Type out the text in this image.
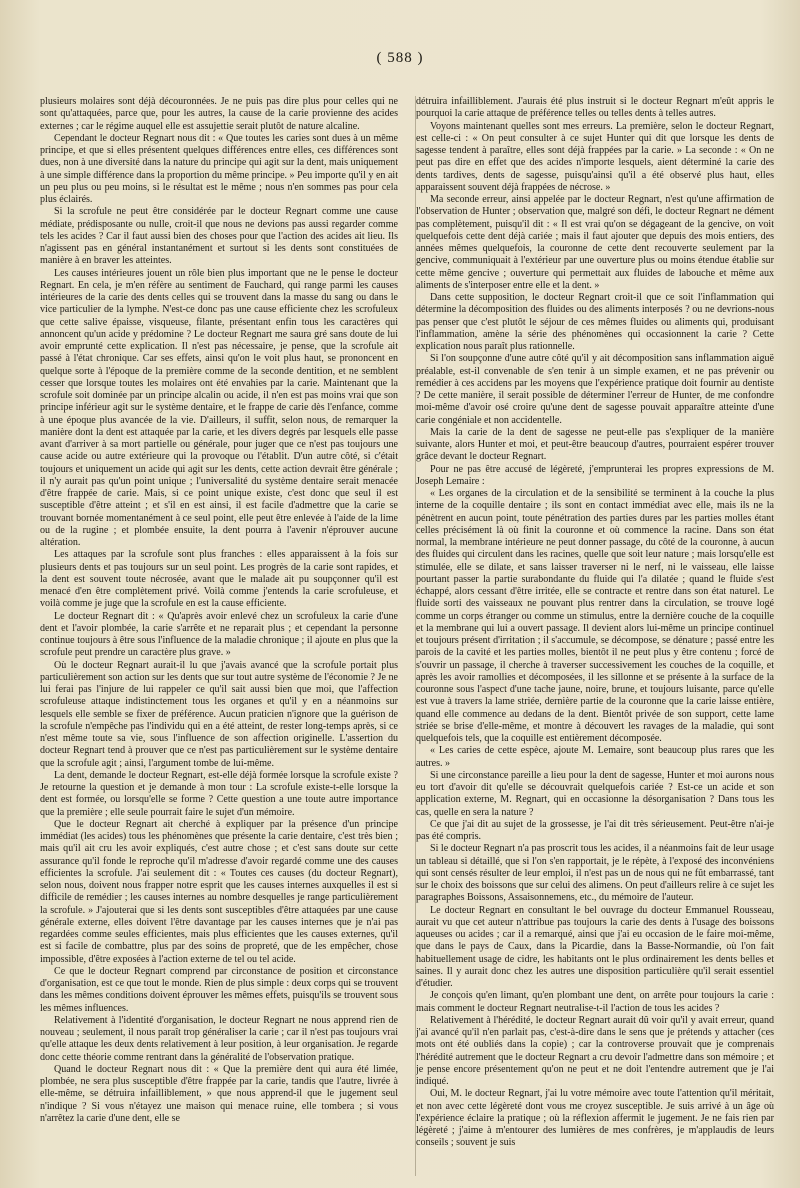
( 588 )

plusieurs molaires sont déjà découronnées. Je ne puis pas dire plus pour celles qui ne sont qu'attaquées, parce que, pour les autres, la cause de la carie provienne des acides externes ; car le régime auquel elle est assujettie serait plutôt de nature alcaline.

Cependant le docteur Regnart nous dit : « Que toutes les caries sont dues à un même principe, et que si elles présentent quelques différences entre elles, ces différences sont dues, non à une diversité dans la nature du principe qui agit sur la dent, mais uniquement à une simple différence dans la proportion du même principe. » Peu importe qu'il y en ait un peu plus ou peu moins, si le résultat est le même ; nous n'en sommes pas pour cela plus éclairés.

Si la scrofule ne peut être considérée par le docteur Regnart comme une cause médiate, prédisposante ou nulle, croit-il que nous ne devions pas aussi regarder comme tels les acides ? Car il faut aussi bien des choses pour que l'action des acides ait lieu. Ils n'agissent pas en général instantanément et surtout si les dents sont constituées de manière à en braver les atteintes.

Les causes intérieures jouent un rôle bien plus important que ne le pense le docteur Regnart. En cela, je m'en réfère au sentiment de Fauchard, qui range parmi les causes intérieures de la carie des dents celles qui se trouvent dans la masse du sang ou dans le vice particulier de la lymphe. N'est-ce donc pas une cause efficiente chez les scrofuleux que cette salive épaisse, visqueuse, filante, présentant enfin tous les caractères qui annoncent qu'un acide y prédomine ? Le docteur Regnart me saura gré sans doute de lui avoir emprunté cette explication. Il n'est pas nécessaire, je pense, que la scrofule ait passé à l'état chronique. Car ses effets, ainsi qu'on le voit plus haut, se prononcent en quelque sorte à l'époque de la première comme de la seconde dentition, et ne semblent cesser que lorsque toutes les molaires ont été envahies par la carie. Maintenant que la scrofule soit dominée par un principe alcalin ou acide, il n'en est pas moins vrai que son principe inférieur agit sur le système dentaire, et le frappe de carie dès l'enfance, comme à une époque plus avancée de la vie. D'ailleurs, il suffit, selon nous, de remarquer la manière dont la dent est attaquée par la carie, et les divers degrés par lesquels elle passe avant d'arriver à sa mort partielle ou générale, pour juger que ce n'est pas toujours une cause acide ou autre extérieure qui la provoque ou l'établit. D'un autre côté, si c'était toujours et uniquement un acide qui agit sur les dents, cette action devrait être générale ; il n'y aurait pas qu'un point unique ; l'universalité du système dentaire serait menacée d'être frappée de carie. Mais, si ce point unique existe, c'est donc que seul il est susceptible d'être atteint ; et s'il en est ainsi, il est facile d'admettre que la carie se trouvant bornée momentanément à ce seul point, elle peut être enlevée à l'aide de la lime ou de la rugine ; et plombée ensuite, la dent pourra à l'avenir n'éprouver aucune altération.

Les attaques par la scrofule sont plus franches : elles apparaissent à la fois sur plusieurs dents et pas toujours sur un seul point. Les progrès de la carie sont rapides, et la dent est souvent toute nécrosée, avant que le malade ait pu soupçonner qu'il est menacé d'en être complètement privé. Voilà comme j'entends la carie scrofuleuse, et voilà comme je juge que la scrofule en est la cause efficiente.

Le docteur Regnart dit : « Qu'après avoir enlevé chez un scrofuleux la carie d'une dent et l'avoir plombée, la carie s'arrête et ne reparait plus ; et cependant la personne continue toujours à être sous l'influence de la maladie chronique ; il ajoute en plus que la scrofule peut prendre un caractère plus grave. »

Où le docteur Regnart aurait-il lu que j'avais avancé que la scrofule portait plus particulièrement son action sur les dents que sur tout autre système de l'économie ? Je ne lui ferai pas l'injure de lui rappeler ce qu'il sait aussi bien que moi, que l'affection scrofuleuse attaque indistinctement tous les organes et qu'il y en a néanmoins sur lesquels elle semble se fixer de préférence. Aucun praticien n'ignore que la guérison de la scrofule n'empêche pas l'individu qui en a été atteint, de rester long-temps après, si ce n'est même toute sa vie, sous l'influence de son affection originelle. L'assertion du docteur Regnart tend à prouver que ce n'est pas particulièrement sur le système dentaire que la scrofule agit ; ainsi, l'argument tombe de lui-même.

La dent, demande le docteur Regnart, est-elle déjà formée lorsque la scrofule existe ? Je retourne la question et je demande à mon tour : La scrofule existe-t-elle lorsque la dent est formée, ou lorsqu'elle se forme ? Cette question a une toute autre importance que la première ; elle seule pourrait faire le sujet d'un mémoire.

Que le docteur Regnart ait cherché à expliquer par la présence d'un principe immédiat (les acides) tous les phénomènes que présente la carie dentaire, c'est très bien ; mais qu'il ait cru les avoir expliqués, c'est autre chose ; et c'est sans doute sur cette assurance qu'il fonde le reproche qu'il m'adresse d'avoir regardé comme une des causes efficientes la scrofule. J'ai seulement dit : « Toutes ces causes (du docteur Regnart), selon nous, doivent nous frapper notre esprit que les causes internes auxquelles il est si difficile de remédier ; les causes internes au nombre desquelles je range particulièrement la scrofule. » J'ajouterai que si les dents sont susceptibles d'être attaquées par une cause générale externe, elles doivent l'être davantage par les causes internes que je n'ai pas regardées comme seules efficientes, mais plus efficientes que les causes externes, qu'il est si facile de combattre, plus par des soins de propreté, que de les empêcher, chose impossible, d'être exposées à l'action externe de tel ou tel acide.

Ce que le docteur Regnart comprend par circonstance de position et circonstance d'organisation, est ce que tout le monde. Rien de plus simple : deux corps qui se trouvent dans les mêmes conditions doivent éprouver les mêmes effets, puisqu'ils se trouvent sous les mêmes influences.

Relativement à l'identité d'organisation, le docteur Regnart ne nous apprend rien de nouveau ; seulement, il nous paraît trop généraliser la carie ; car il n'est pas toujours vrai qu'elle attaque les deux dents relativement à leur position, à leur organisation. Je regarde donc cette théorie comme rentrant dans la généralité de l'observation pratique.

Quand le docteur Regnart nous dit : « Que la première dent qui aura été limée, plombée, ne sera plus susceptible d'être frappée par la carie, tandis que l'autre, livrée à elle-même, se détruira infailliblement, » que nous apprend-il que le jugement seul n'indique ? Si vous n'étayez une maison qui menace ruine, elle tombera ; si vous n'arrêtez la carie d'une dent, elle se

détruira infailliblement. J'aurais été plus instruit si le docteur Regnart m'eût appris le pourquoi la carie attaque de préférence telles ou telles dents à telles autres.

Voyons maintenant quelles sont mes erreurs. La première, selon le docteur Regnart, est celle-ci : « On peut consulter à ce sujet Hunter qui dit que lorsque les dents de sagesse tendent à paraître, elles sont déjà frappées par la carie. » La seconde : « On ne peut pas dire en effet que des acides n'importe lesquels, aient déterminé la carie des dents tardives, dents de sagesse, puisqu'ainsi qu'il a été observé plus haut, elles apparaissent souvent déjà frappées de nécrose. »

Ma seconde erreur, ainsi appelée par le docteur Regnart, n'est qu'une affirmation de l'observation de Hunter ; observation que, malgré son défi, le docteur Regnart ne dément pas complètement, puisqu'il dit : « Il est vrai qu'on se dégageant de la gencive, on voit quelquefois cette dent déjà cariée ; mais il faut ajouter que depuis des mois entiers, des années mêmes quelquefois, la couronne de cette dent recouverte seulement par la gencive, communiquait à l'extérieur par une ouverture plus ou moins étendue établie sur cette même gencive ; ouverture qui permettait aux fluides de labouche et même aux aliments de s'interposer entre elle et la dent. »

Dans cette supposition, le docteur Regnart croit-il que ce soit l'inflammation qui détermine la décomposition des fluides ou des aliments interposés ? ou ne devrions-nous pas penser que c'est plutôt le séjour de ces mêmes fluides ou aliments qui, produisant l'inflammation, amène la série des phénomènes qui occasionnent la carie ? Cette explication nous paraît plus rationnelle.

Si l'on soupçonne d'une autre côté qu'il y ait décomposition sans inflammation aiguë préalable, est-il convenable de s'en tenir à un simple examen, et ne pas prévenir ou remédier à ces accidens par les moyens que l'expérience pratique doit fournir au dentiste ? De cette manière, il serait possible de déterminer l'erreur de Hunter, de me confondre moi-même d'avoir osé croire qu'une dent de sagesse pouvait apparaître atteinte d'une carie congéniale et non accidentelle.

Mais la carie de la dent de sagesse ne peut-elle pas s'expliquer de la manière suivante, alors Hunter et moi, et peut-être beaucoup d'autres, pourraient espérer trouver grâce devant le docteur Regnart.

Pour ne pas être accusé de légèreté, j'emprunterai les propres expressions de M. Joseph Lemaire :

« Les organes de la circulation et de la sensibilité se terminent à la couche la plus interne de la coquille dentaire ; ils sont en contact immédiat avec elle, mais ils ne la pénètrent en aucun point, toute pénétration des parties dures par les parties molles étant celles précisément là où finit la couronne et où commence la racine. Dans son état normal, la membrane intérieure ne peut donner passage, du côté de la couronne, à aucun des fluides qui circulent dans les racines, quelle que soit leur nature ; mais lorsqu'elle est stimulée, elle se dilate, et sans laisser traverser ni le nerf, ni le vaisseau, elle laisse pourtant passer la partie surabondante du fluide qui l'a dilatée ; quand le fluide s'est échappé, alors cessant d'être irritée, elle se contracte et rentre dans son état naturel. Le fluide sorti des vaisseaux ne pouvant plus rentrer dans la circulation, se trouve logé comme un corps étranger ou comme un stimulus, entre la dernière couche de la coquille et la membrane qui lui a ouvert passage. Il devient alors lui-même un principe continuel et toujours présent d'irritation ; il s'accumule, se décompose, se dénature ; passé entre les parois de la cavité et les parties molles, bientôt il ne peut plus y être contenu ; forcé de s'ouvrir un passage, il cherche à traverser successivement les couches de la coquille, et après les avoir ramollies et décomposées, il les sillonne et se présente à la surface de la couronne sous l'aspect d'une tache jaune, noire, brune, et toujours luisante, parce qu'elle est vue à travers la lame striée, dernière partie de la couronne que la carie laisse entière, quand elle commence au dedans de la dent. Bientôt privée de son support, cette lame striée se brise d'elle-même, et montre à découvert les ravages de la maladie, qui sont quelquefois tels, que la coquille est entièrement décomposée.

« Les caries de cette espèce, ajoute M. Lemaire, sont beaucoup plus rares que les autres. »

Si une circonstance pareille a lieu pour la dent de sagesse, Hunter et moi aurons nous eu tort d'avoir dit qu'elle se découvrait quelquefois cariée ? Est-ce un acide et son application externe, M. Regnart, qui en occasionne la désorganisation ? Dans tous les cas, quelle en sera la nature ?

Ce que j'ai dit au sujet de la grossesse, je l'ai dit très sérieusement. Peut-être n'ai-je pas été compris.

Si le docteur Regnart n'a pas proscrit tous les acides, il a néanmoins fait de leur usage un tableau si détaillé, que si l'on s'en rapportait, je le répète, à l'exposé des inconvéniens qui sont censés résulter de leur emploi, il n'est pas un de nous qui ne fût embarrassé, tant sur le choix des boissons que sur celui des alimens. On peut d'ailleurs relire à ce sujet les paragraphes Boissons, Assaisonnemens, etc., du mémoire de l'auteur.

Le docteur Regnart en consultant le bel ouvrage du docteur Emmanuel Rousseau, aurait vu que cet auteur n'attribue pas toujours la carie des dents à l'usage des boissons aqueuses ou acides ; car il a remarqué, ainsi que j'ai eu occasion de le faire moi-même, que dans le pays de Caux, dans la Picardie, dans la Basse-Normandie, où l'on fait habituellement usage de cidre, les habitants ont le plus ordinairement les dents belles et saines. Il y aurait donc chez les autres une disposition particulière qu'il serait essentiel d'étudier.

Je conçois qu'en limant, qu'en plombant une dent, on arrête pour toujours la carie : mais comment le docteur Regnart neutralise-t-il l'action de tous les acides ?

Relativement à l'hérédité, le docteur Regnart aurait dû voir qu'il y avait erreur, quand j'ai avancé qu'il n'en parlait pas, c'est-à-dire dans le sens que je prétends y attacher (ces mots ont été oubliés dans la copie) ; car la controverse prouvait que je comprenais l'hérédité autrement que le docteur Regnart a cru devoir l'admettre dans son mémoire ; et je pense encore présentement qu'on ne peut et ne doit l'entendre autrement que je l'ai indiqué.

Oui, M. le docteur Regnart, j'ai lu votre mémoire avec toute l'attention qu'il méritait, et non avec cette légèreté dont vous me croyez susceptible. Je suis arrivé à un âge où l'expérience éclaire la pratique ; où la réflexion affermit le jugement. Je ne fais rien par légèreté ; j'aime à m'entourer des lumières de mes confrères, je m'applaudis de leurs conseils ; souvent je suis
